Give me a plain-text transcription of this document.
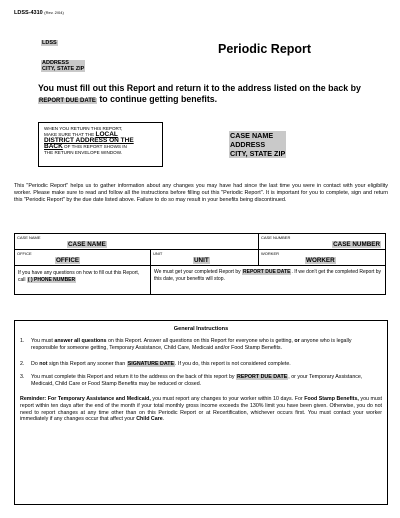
LDSS-4310 (Rev. 2/04)
LDSS
ADDRESS
CITY, STATE ZIP
Periodic Report
You must fill out this Report and return it to the address listed on the back by
REPORT DUE DATE to continue getting benefits.
WHEN YOU RETURN THIS REPORT,
MAKE SURE THAT THE LOCAL
DISTRICT ADDRESS ON THE
BACK OF THIS REPORT SHOWS IN
THE RETURN ENVELOPE WINDOW.
CASE NAME
ADDRESS
CITY, STATE ZIP
This "Periodic Report" helps us to gather information about any changes you may have had since the last time you were in contact with your eligibility worker. Please make sure to read and follow all the instructions before filling out this "Periodic Report". It is important for you to complete, sign and return this "Periodic Report" by the due date listed above. Failure to do so may result in your benefits being discontinued.
CASE NAME
CASE NAME
CASE NUMBER
CASE NUMBER
OFFICE
OFFICE
UNIT
UNIT
WORKER
WORKER
If you have any questions on how to fill out this Report, call ( ) PHONE NUMBER
We must get your completed Report by REPORT DUE DATE. If we don't get the completed Report by this date, your benefits will stop.
General Instructions
1. You must answer all questions on this Report. Answer all questions on this Report for everyone who is getting, or anyone who is legally responsible for someone getting, Temporary Assistance, Child Care, Medicaid and/or Food Stamp Benefits.
2. Do not sign this Report any sooner than SIGNATURE DATE. If you do, this report is not considered complete.
3. You must complete this Report and return it to the address on the back of this report by REPORT DUE DATE, or your Temporary Assistance, Medicaid, Child Care or Food Stamp Benefits may be reduced or closed.
Reminder: For Temporary Assistance and Medicaid, you must report any changes to your worker within 10 days. For Food Stamp Benefits, you must report within ten days after the end of the month if your total monthly gross income exceeds the 130% limit you have been given. Otherwise, you do not need to report changes at any time other than on this Periodic Report or at Recertification, whichever occurs first. You must contact your worker immediately if any changes occur that affect your Child Care.
